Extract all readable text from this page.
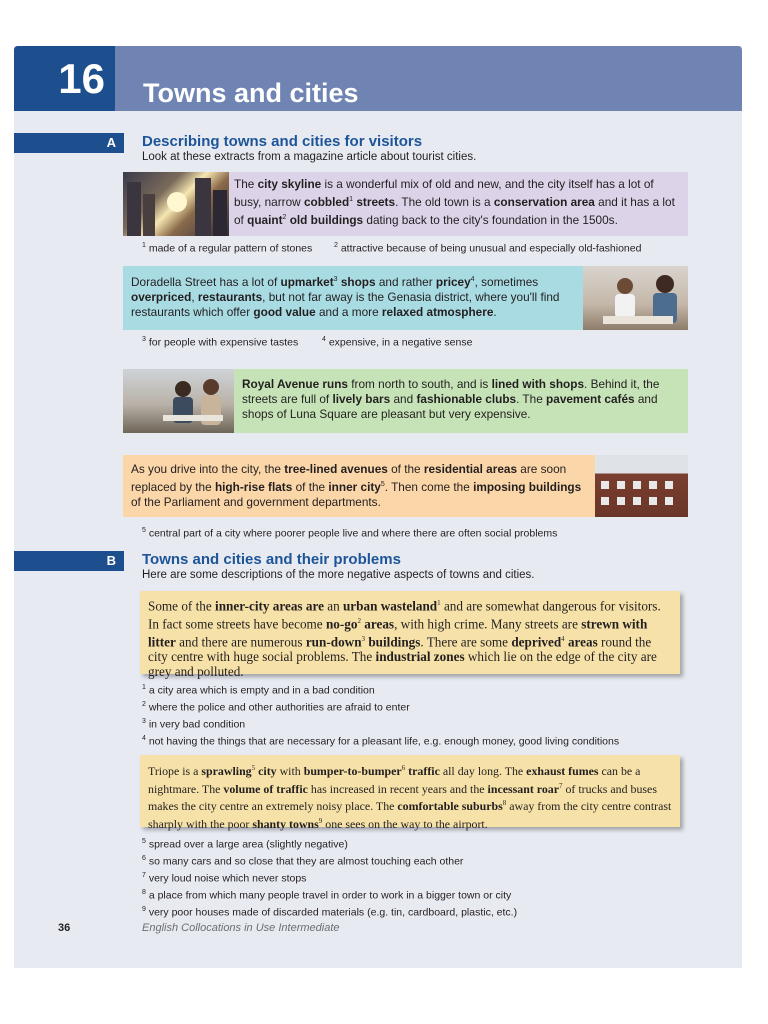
16	Towns and cities
A	Describing towns and cities for visitors
Look at these extracts from a magazine article about tourist cities.
The city skyline is a wonderful mix of old and new, and the city itself has a lot of busy, narrow cobbled$^1$ streets. The old town is a conservation area and it has a lot of quaint$^2$ old buildings dating back to the city's foundation in the 1500s.
$^1$ made of a regular pattern of stones	$^2$ attractive because of being unusual and especially old-fashioned
Doradella Street has a lot of upmarket$^3$ shops and rather pricey$^4$, sometimes overpriced, restaurants, but not far away is the Genasia district, where you'll find restaurants which offer good value and a more relaxed atmosphere.
$^3$ for people with expensive tastes	$^4$ expensive, in a negative sense
Royal Avenue runs from north to south, and is lined with shops. Behind it, the streets are full of lively bars and fashionable clubs. The pavement cafés and shops of Luna Square are pleasant but very expensive.
As you drive into the city, the tree-lined avenues of the residential areas are soon replaced by the high-rise flats of the inner city$^5$. Then come the imposing buildings of the Parliament and government departments.
$^5$ central part of a city where poorer people live and where there are often social problems
B	Towns and cities and their problems
Here are some descriptions of the more negative aspects of towns and cities.
Some of the inner-city areas are an urban wasteland$^1$ and are somewhat dangerous for visitors. In fact some streets have become $no-go^2$ areas, with high crime. Many streets are strewn with litter and there are numerous run-down$^3$ buildings. There are some deprived$^4$ areas round the city centre with huge social problems. The industrial zones which lie on the edge of the city are grey and polluted.
$^1$ a city area which is empty and in a bad condition
$^2$ where the police and other authorities are afraid to enter
$^3$ in very bad condition
$^4$ not having the things that are necessary for a pleasant life, e.g. enough money, good living conditions
Triope is a sprawling$^5$ city with bumper-to-bumper$^6$ traffic all day long. The exhaust fumes can be a nightmare. The volume of traffic has increased in recent years and the incessant roar$^7$ of trucks and buses makes the city centre an extremely noisy place. The comfortable suburbs$^8$ away from the city centre contrast sharply with the poor shanty towns$^9$ one sees on the way to the airport.
$^5$ spread over a large area (slightly negative)
$^6$ so many cars and so close that they are almost touching each other
$^7$ very loud noise which never stops
$^8$ a place from which many people travel in order to work in a bigger town or city
$^9$ very poor houses made of discarded materials (e.g. tin, cardboard, plastic, etc.)
36	English Collocations in Use Intermediate
